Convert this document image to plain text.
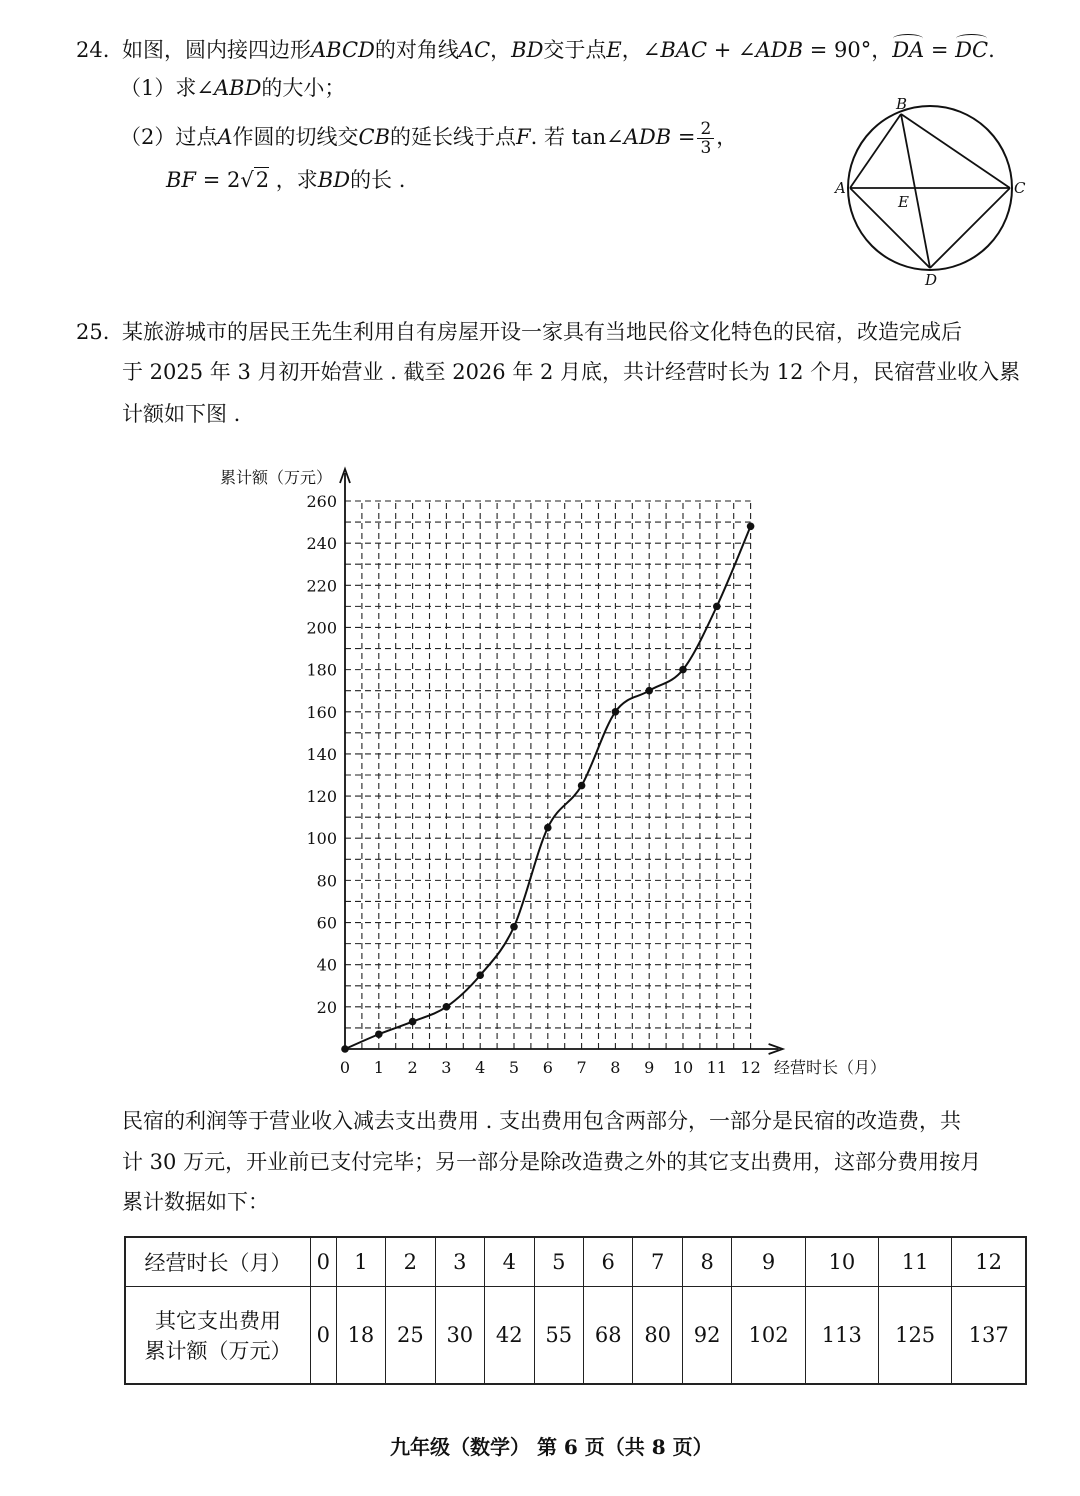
24. 如图，圆内接四边形ABCD的对角线AC，BD交于点E，∠BAC + ∠ADB = 90°，DA = DC.
（1）求∠ABD的大小；
（2）过点A作圆的切线交CB的延长线于点F. 若 tan∠ADB = $\frac{2}{3}$ ，
BF = 2√2 ，求BD的长 .	A
B
C
D
E
25. 某旅游城市的居民王先生利用自有房屋开设一家具有当地民俗文化特色的民宿，改造完成后
于 2025 年 3 月初开始营业 . 截至 2026 年 2 月底，共计经营时长为 12 个月，民宿营业收入累
计额如下图 .
0 1 2 3 4 5 6 7 8 9 10 11 12
20
40
60
80
100
120
140
160
180
200
220
240
260
累计额（万元）
经营时长（月）
民宿的利润等于营业收入减去支出费用 . 支出费用包含两部分，一部分是民宿的改造费，共
计 30 万元，开业前已支付完毕；另一部分是除改造费之外的其它支出费用，这部分费用按月
累计数据如下：
经营时长（月）	0	1	2	3	4	5	6	7	8	9	10	11	12

其它支出费用
累计额（万元）	0	18	25	30	42	55	68	80	92	102	113	125	137
九年级（数学） 第 6 页（共 8 页）
